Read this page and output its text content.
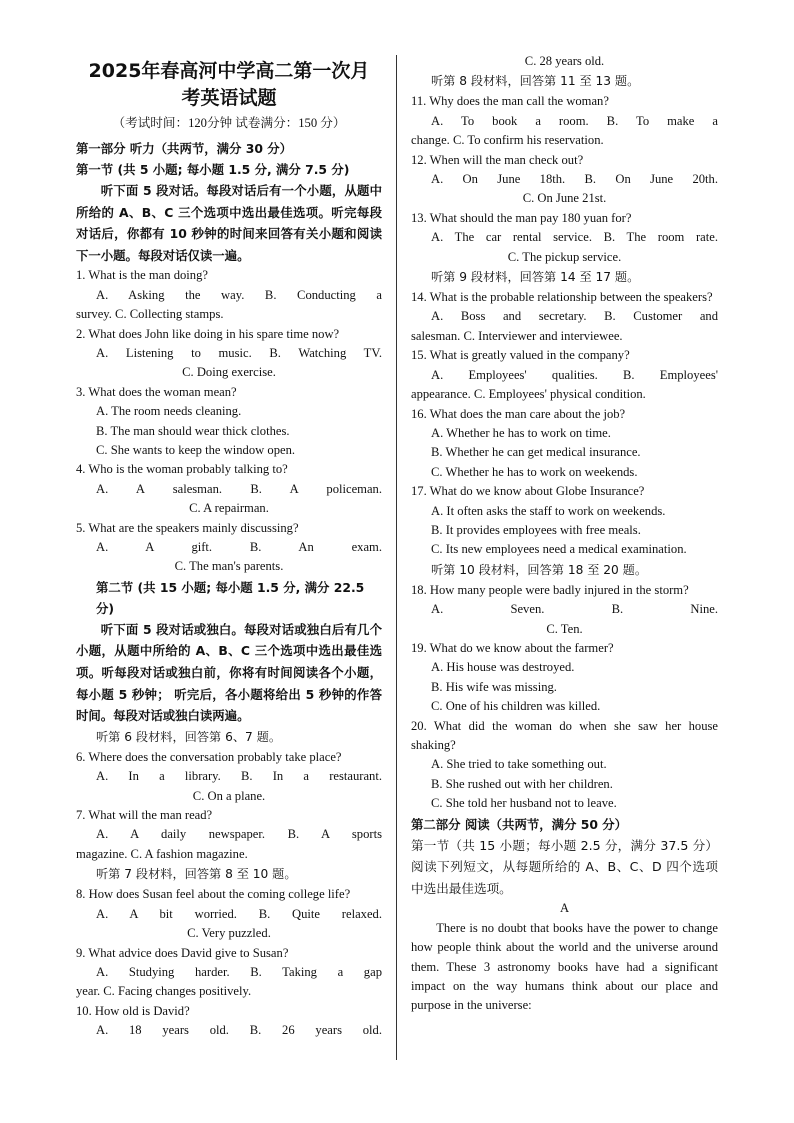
2025年春高河中学高二第一次月
考英语试题
（考试时间：120分钟 试卷满分：150 分）
第一部分 听力（共两节，满分 30 分）
第一节 (共 5 小题; 每小题 1.5 分, 满分 7.5 分)
听下面 5 段对话。每段对话后有一个小题，从题中所给的 A、B、C 三个选项中选出最佳选项。听完每段对话后，你都有 10 秒钟的时间来回答有关小题和阅读下一小题。每段对话仅读一遍。
1. What is the man doing?
A. Asking the way. B. Conducting a
survey. C. Collecting stamps.
2. What does John like doing in his spare time now?
A. Listening to music. B. Watching TV.
C. Doing exercise.
3. What does the woman mean?
A. The room needs cleaning.
B. The man should wear thick clothes.
C. She wants to keep the window open.
4. Who is the woman probably talking to?
A. A salesman. B. A policeman.
C. A repairman.
5. What are the speakers mainly discussing?
A. A gift. B. An exam.
C. The man's parents.
第二节 (共 15 小题; 每小题 1.5 分, 满分 22.5 分)
听下面 5 段对话或独白。每段对话或独白后有几个小题，从题中所给的 A、B、C 三个选项中选出最佳选项。听每段对话或独白前，你将有时间阅读各个小题，每小题 5 秒钟； 听完后，各小题将给出 5 秒钟的作答时间。每段对话或独白读两遍。
听第 6 段材料，回答第 6、7 题。
6. Where does the conversation probably take place?
A. In a library. B. In a restaurant.
C. On a plane.
7. What will the man read?
A. A daily newspaper. B. A sports
magazine. C. A fashion magazine.
听第 7 段材料，回答第 8 至 10 题。
8. How does Susan feel about the coming college life?
A. A bit worried. B. Quite relaxed.
C. Very puzzled.
9. What advice does David give to Susan?
A. Studying harder. B. Taking a gap
year. C. Facing changes positively.
10. How old is David?
A. 18 years old. B. 26 years old.
C. 28 years old.
听第 8 段材料，回答第 11 至 13 题。
11. Why does the man call the woman?
A. To book a room. B. To make a
change. C. To confirm his reservation.
12. When will the man check out?
A. On June 18th. B. On June 20th.
C. On June 21st.
13. What should the man pay 180 yuan for?
A. The car rental service. B. The room rate.
C. The pickup service.
听第 9 段材料，回答第 14 至 17 题。
14. What is the probable relationship between the speakers?
A. Boss and secretary. B. Customer and
salesman. C. Interviewer and interviewee.
15. What is greatly valued in the company?
A. Employees' qualities. B. Employees'
appearance. C. Employees' physical condition.
16. What does the man care about the job?
A. Whether he has to work on time.
B. Whether he can get medical insurance.
C. Whether he has to work on weekends.
17. What do we know about Globe Insurance?
A. It often asks the staff to work on weekends.
B. It provides employees with free meals.
C. Its new employees need a medical examination.
听第 10 段材料，回答第 18 至 20 题。
18. How many people were badly injured in the storm?
A. Seven. B. Nine.
C. Ten.
19. What do we know about the farmer?
A. His house was destroyed.
B. His wife was missing.
C. One of his children was killed.
20. What did the woman do when she saw her house shaking?
A. She tried to take something out.
B. She rushed out with her children.
C. She told her husband not to leave.
第二部分 阅读（共两节，满分 50 分）
第一节（共 15 小题；每小题 2.5 分，满分 37.5 分）阅读下列短文，从每题所给的 A、B、C、D 四个选项中选出最佳选项。
A
There is no doubt that books have the power to change how people think about the world and the universe around them. These 3 astronomy books have had a significant impact on the way humans think about our place and purpose in the universe:
